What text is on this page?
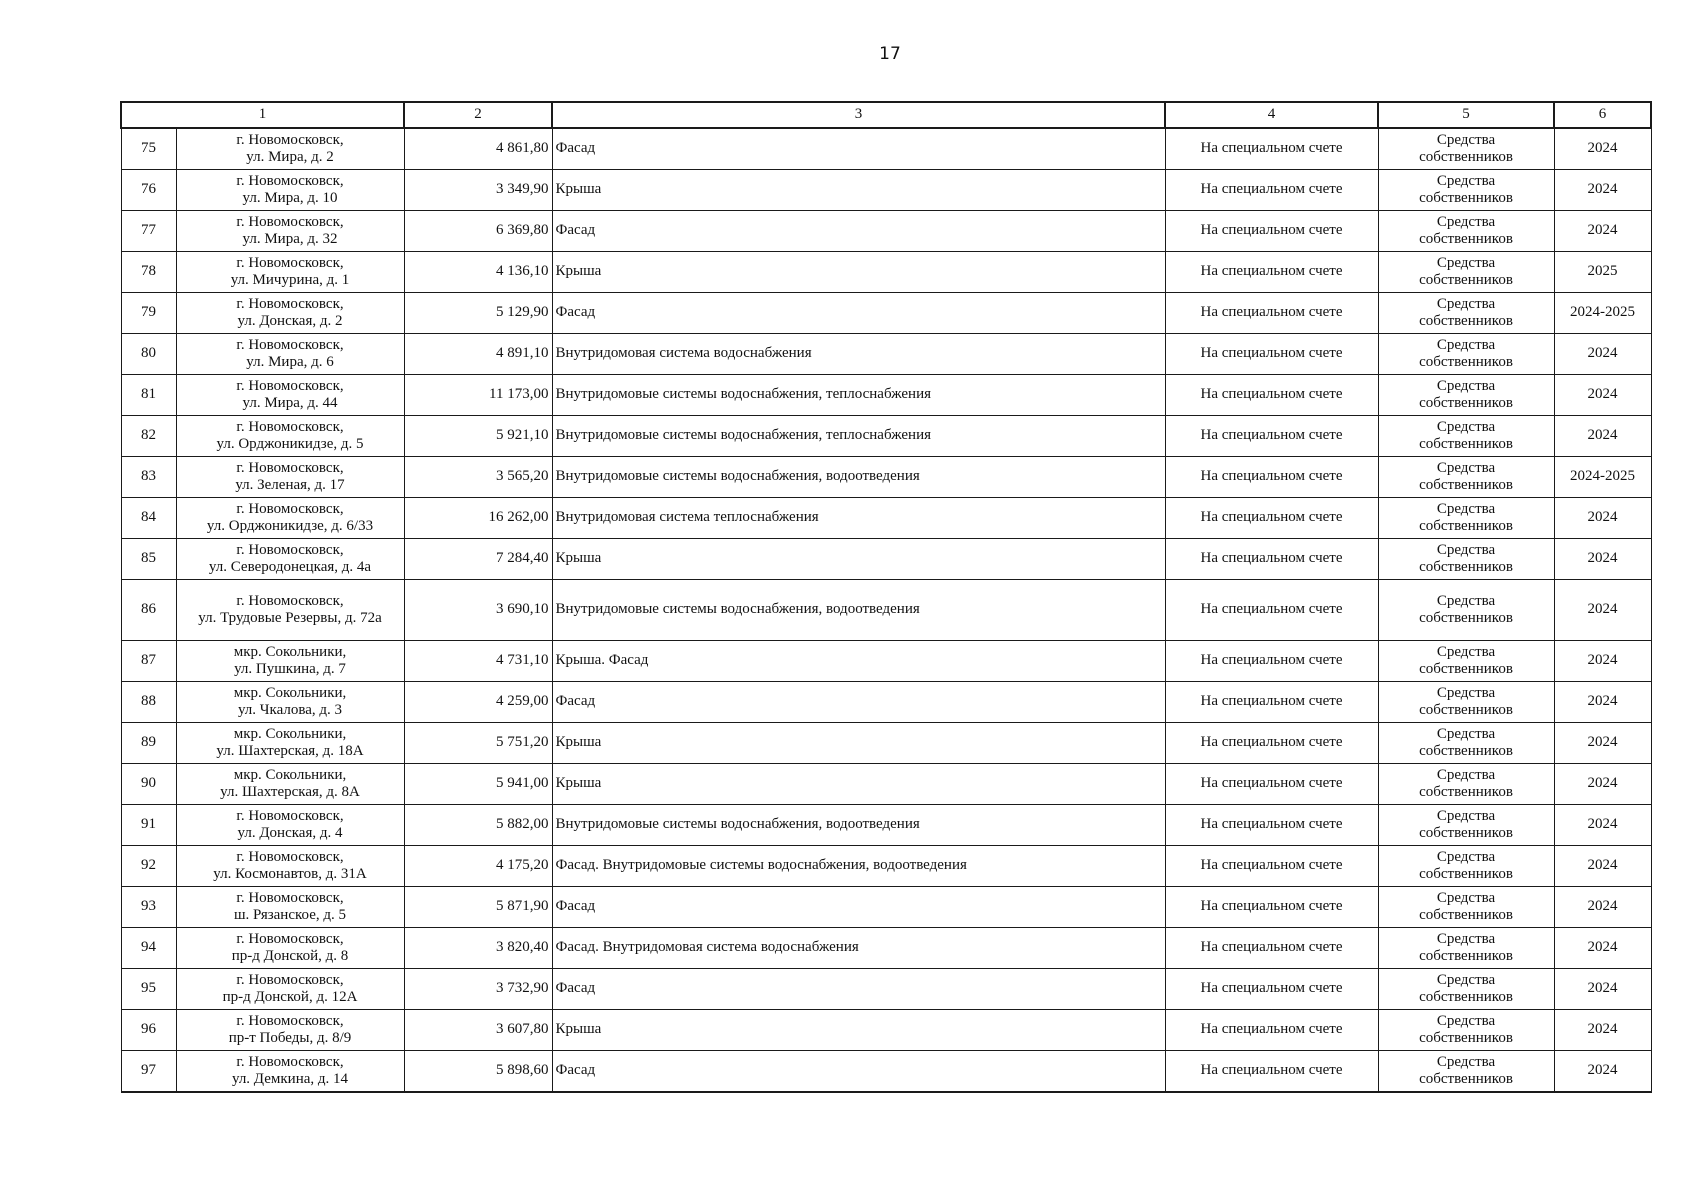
17
1		2	3	4	5	6
75	г. Новомосковск,
ул. Мира, д. 2	4 861,80	Фасад	На специальном счете	Средства
собственников	2024
76	г. Новомосковск,
ул. Мира, д. 10	3 349,90	Крыша	На специальном счете	Средства
собственников	2024
77	г. Новомосковск,
ул. Мира, д. 32	6 369,80	Фасад	На специальном счете	Средства
собственников	2024
78	г. Новомосковск,
ул. Мичурина, д. 1	4 136,10	Крыша	На специальном счете	Средства
собственников	2025
79	г. Новомосковск,
ул. Донская, д. 2	5 129,90	Фасад	На специальном счете	Средства
собственников	2024-2025
80	г. Новомосковск,
ул. Мира, д. 6	4 891,10	Внутридомовая система водоснабжения	На специальном счете	Средства
собственников	2024
81	г. Новомосковск,
ул. Мира, д. 44	11 173,00	Внутридомовые системы водоснабжения, теплоснабжения	На специальном счете	Средства
собственников	2024
82	г. Новомосковск,
ул. Орджоникидзе, д. 5	5 921,10	Внутридомовые системы водоснабжения, теплоснабжения	На специальном счете	Средства
собственников	2024
83	г. Новомосковск,
ул. Зеленая, д. 17	3 565,20	Внутридомовые системы водоснабжения, водоотведения	На специальном счете	Средства
собственников	2024-2025
84	г. Новомосковск,
ул. Орджоникидзе, д. 6/33	16 262,00	Внутридомовая система теплоснабжения	На специальном счете	Средства
собственников	2024
85	г. Новомосковск,
ул. Северодонецкая, д. 4а	7 284,40	Крыша	На специальном счете	Средства
собственников	2024
86	г. Новомосковск,
ул. Трудовые Резервы, д. 72а	3 690,10	Внутридомовые системы водоснабжения, водоотведения	На специальном счете	Средства
собственников	2024
87	мкр. Сокольники,
ул. Пушкина, д. 7	4 731,10	Крыша. Фасад	На специальном счете	Средства
собственников	2024
88	мкр. Сокольники,
ул. Чкалова, д. 3	4 259,00	Фасад	На специальном счете	Средства
собственников	2024
89	мкр. Сокольники,
ул. Шахтерская, д. 18А	5 751,20	Крыша	На специальном счете	Средства
собственников	2024
90	мкр. Сокольники,
ул. Шахтерская, д. 8А	5 941,00	Крыша	На специальном счете	Средства
собственников	2024
91	г. Новомосковск,
ул. Донская, д. 4	5 882,00	Внутридомовые системы водоснабжения, водоотведения	На специальном счете	Средства
собственников	2024
92	г. Новомосковск,
ул. Космонавтов, д. 31А	4 175,20	Фасад. Внутридомовые системы водоснабжения, водоотведения	На специальном счете	Средства
собственников	2024
93	г. Новомосковск,
ш. Рязанское, д. 5	5 871,90	Фасад	На специальном счете	Средства
собственников	2024
94	г. Новомосковск,
пр-д Донской, д. 8	3 820,40	Фасад. Внутридомовая система водоснабжения	На специальном счете	Средства
собственников	2024
95	г. Новомосковск,
пр-д Донской, д. 12А	3 732,90	Фасад	На специальном счете	Средства
собственников	2024
96	г. Новомосковск,
пр-т Победы, д. 8/9	3 607,80	Крыша	На специальном счете	Средства
собственников	2024
97	г. Новомосковск,
ул. Демкина, д. 14	5 898,60	Фасад	На специальном счете	Средства
собственников	2024
